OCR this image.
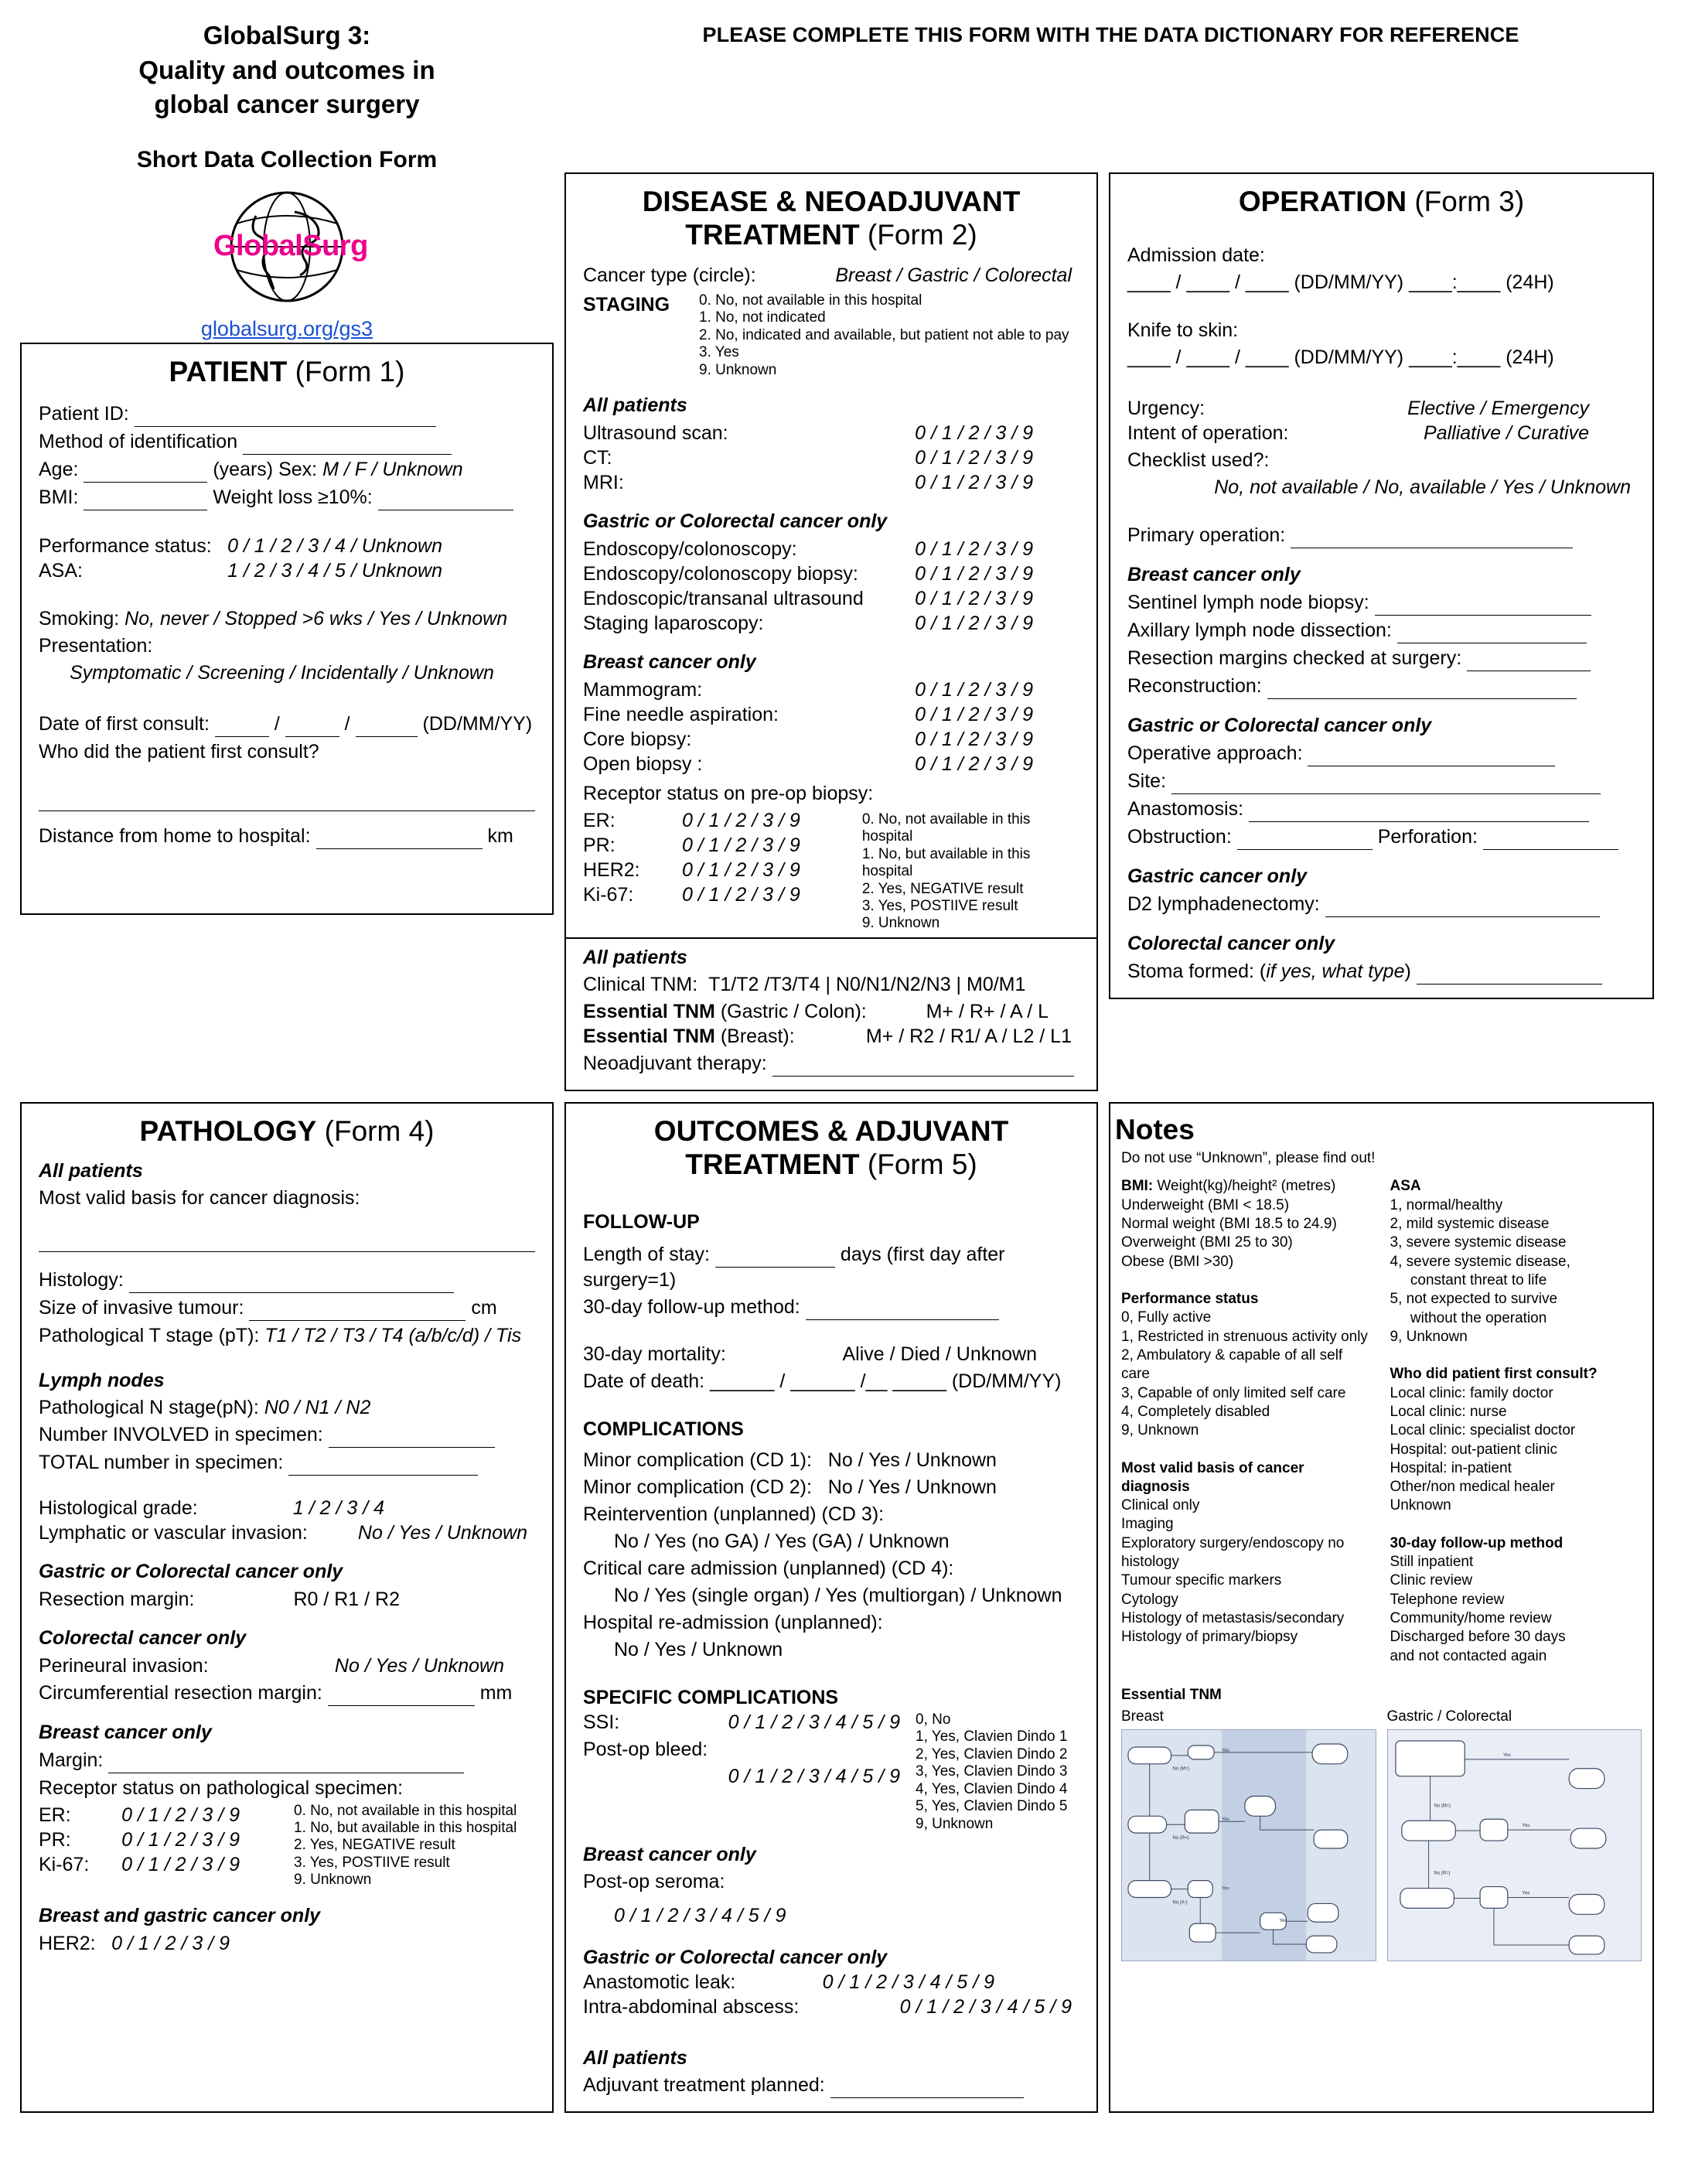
GlobalSurg 3:
Quality and outcomes in
global cancer surgery
Short Data Collection Form
GlobalSurg
globalsurg.org/gs3
PLEASE COMPLETE THIS FORM WITH THE DATA DICTIONARY FOR REFERENCE
PATIENT (Form 1)
Patient ID:
Method of identification
Age:	(years) Sex: M / F / Unknown
BMI:	Weight loss ≥10%:
Performance status: 0 / 1 / 2 / 3 / 4 / Unknown
ASA:	1 / 2 / 3 / 4 / 5 / Unknown
Smoking: No, never / Stopped >6 wks / Yes / Unknown
Presentation:
Symptomatic / Screening / Incidentally / Unknown
Date of first consult:	/	/	(DD/MM/YY)
Who did the patient first consult?
Distance from home to hospital:	km
DISEASE & NEOADJUVANT
TREATMENT (Form 2)
Cancer type (circle):	Breast / Gastric / Colorectal
STAGING	0. No, not available in this hospital
1. No, not indicated
2. No, indicated and available, but patient not able to pay
3. Yes
9. Unknown
All patients
Ultrasound scan:	0 / 1 / 2 / 3 / 9
CT:	0 / 1 / 2 / 3 / 9
MRI:	0 / 1 / 2 / 3 / 9
Gastric or Colorectal cancer only
Endoscopy/colonoscopy:	0 / 1 / 2 / 3 / 9
Endoscopy/colonoscopy biopsy:	0 / 1 / 2 / 3 / 9
Endoscopic/transanal ultrasound	0 / 1 / 2 / 3 / 9
Staging laparoscopy:	0 / 1 / 2 / 3 / 9
Breast cancer only
Mammogram:	0 / 1 / 2 / 3 / 9
Fine needle aspiration:	0 / 1 / 2 / 3 / 9
Core biopsy:	0 / 1 / 2 / 3 / 9
Open biopsy :	0 / 1 / 2 / 3 / 9
Receptor status on pre-op biopsy:
ER:	0 / 1 / 2 / 3 / 9
PR:	0 / 1 / 2 / 3 / 9
HER2: 0 / 1 / 2 / 3 / 9
Ki-67:	0 / 1 / 2 / 3 / 9
0. No, not available in this hospital
1. No, but available in this hospital
2. Yes, NEGATIVE result
3. Yes, POSTIIVE result
9. Unknown
All patients
Clinical TNM: T1/T2 /T3/T4 | N0/N1/N2/N3 | M0/M1
Essential TNM (Gastric / Colon):	M+ / R+ / A / L
Essential TNM (Breast):	M+ / R2 / R1/ A / L2 / L1
Neoadjuvant therapy:
OPERATION (Form 3)
Admission date:
____ / ____ / ____ (DD/MM/YY) ____:____ (24H)
Knife to skin:
____ / ____ / ____ (DD/MM/YY) ____:____ (24H)
Urgency:	Elective / Emergency
Intent of operation:	Palliative / Curative
Checklist used?:
No, not available / No, available / Yes / Unknown
Primary operation:
Breast cancer only
Sentinel lymph node biopsy:
Axillary lymph node dissection:
Resection margins checked at surgery:
Reconstruction:
Gastric or Colorectal cancer only
Operative approach:
Site:
Anastomosis:
Obstruction:	Perforation:
Gastric cancer only
D2 lymphadenectomy:
Colorectal cancer only
Stoma formed: (if yes, what type)
PATHOLOGY (Form 4)
All patients
Most valid basis for cancer diagnosis:
Histology:
Size of invasive tumour:	cm
Pathological T stage (pT): T1 / T2 / T3 / T4 (a/b/c/d) / Tis
Lymph nodes
Pathological N stage(pN): N0 / N1 / N2
Number INVOLVED in specimen:
TOTAL number in specimen:
Histological grade:	1 / 2 / 3 / 4
Lymphatic or vascular invasion:	No / Yes / Unknown
Gastric or Colorectal cancer only
Resection margin:	R0 / R1 / R2
Colorectal cancer only
Perineural invasion:	No / Yes / Unknown
Circumferential resection margin:	mm
Breast cancer only
Margin:
Receptor status on pathological specimen:
ER:	0 / 1 / 2 / 3 / 9
PR:	0 / 1 / 2 / 3 / 9
Ki-67: 0 / 1 / 2 / 3 / 9
0. No, not available in this hospital
1. No, but available in this hospital
2. Yes, NEGATIVE result
3. Yes, POSTIIVE result
9. Unknown
Breast and gastric cancer only
HER2: 0 / 1 / 2 / 3 / 9
OUTCOMES & ADJUVANT
TREATMENT (Form 5)
FOLLOW-UP
Length of stay:	days (first day after surgery=1)
30-day follow-up method:
30-day mortality:	Alive / Died / Unknown
Date of death: ______ / ______ /__ _____ (DD/MM/YY)
COMPLICATIONS
Minor complication (CD 1): No / Yes / Unknown
Minor complication (CD 2): No / Yes / Unknown
Reintervention (unplanned) (CD 3):
No / Yes (no GA) / Yes (GA) / Unknown
Critical care admission (unplanned) (CD 4):
No / Yes (single organ) / Yes (multiorgan) / Unknown
Hospital re-admission (unplanned):
No / Yes / Unknown
SPECIFIC COMPLICATIONS
SSI:	0 / 1 / 2 / 3 / 4 / 5 / 9
Post-op bleed:
0 / 1 / 2 / 3 / 4 / 5 / 9
0, No
1, Yes, Clavien Dindo 1
2, Yes, Clavien Dindo 2
3, Yes, Clavien Dindo 3
4, Yes, Clavien Dindo 4
5, Yes, Clavien Dindo 5
9, Unknown
Breast cancer only
Post-op seroma:
0 / 1 / 2 / 3 / 4 / 5 / 9
Gastric or Colorectal cancer only
Anastomotic leak:	0 / 1 / 2 / 3 / 4 / 5 / 9
Intra-abdominal abscess:	0 / 1 / 2 / 3 / 4 / 5 / 9
All patients
Adjuvant treatment planned:
Notes
Do not use “Unknown”, please find out!
BMI: Weight(kg)/height² (metres)
Underweight (BMI < 18.5)
Normal weight (BMI 18.5 to 24.9)
Overweight (BMI 25 to 30)
Obese (BMI >30)
Performance status
0, Fully active
1, Restricted in strenuous activity only
2, Ambulatory & capable of all self care
3, Capable of only limited self care
4, Completely disabled
9, Unknown
Most valid basis of cancer diagnosis
Clinical only
Imaging
Exploratory surgery/endoscopy no histology
Tumour specific markers
Cytology
Histology of metastasis/secondary
Histology of primary/biopsy
ASA
1, normal/healthy
2, mild systemic disease
3, severe systemic disease
4, severe systemic disease,
constant threat to life
5, not expected to survive
without the operation
9, Unknown
Who did patient first consult?
Local clinic: family doctor
Local clinic: nurse
Local clinic: specialist doctor
Hospital: out-patient clinic
Hospital: in-patient
Other/non medical healer
Unknown
30-day follow-up method
Still inpatient
Clinic review
Telephone review
Community/home review
Discharged before 30 days
and not contacted again
Essential TNM
Breast
No (M=)
No (R=)
No (A-)
Yes
Yes
Yes
Yes
Gastric / Colorectal
Yes
No (M=)
No (R=)
Yes
Yes
